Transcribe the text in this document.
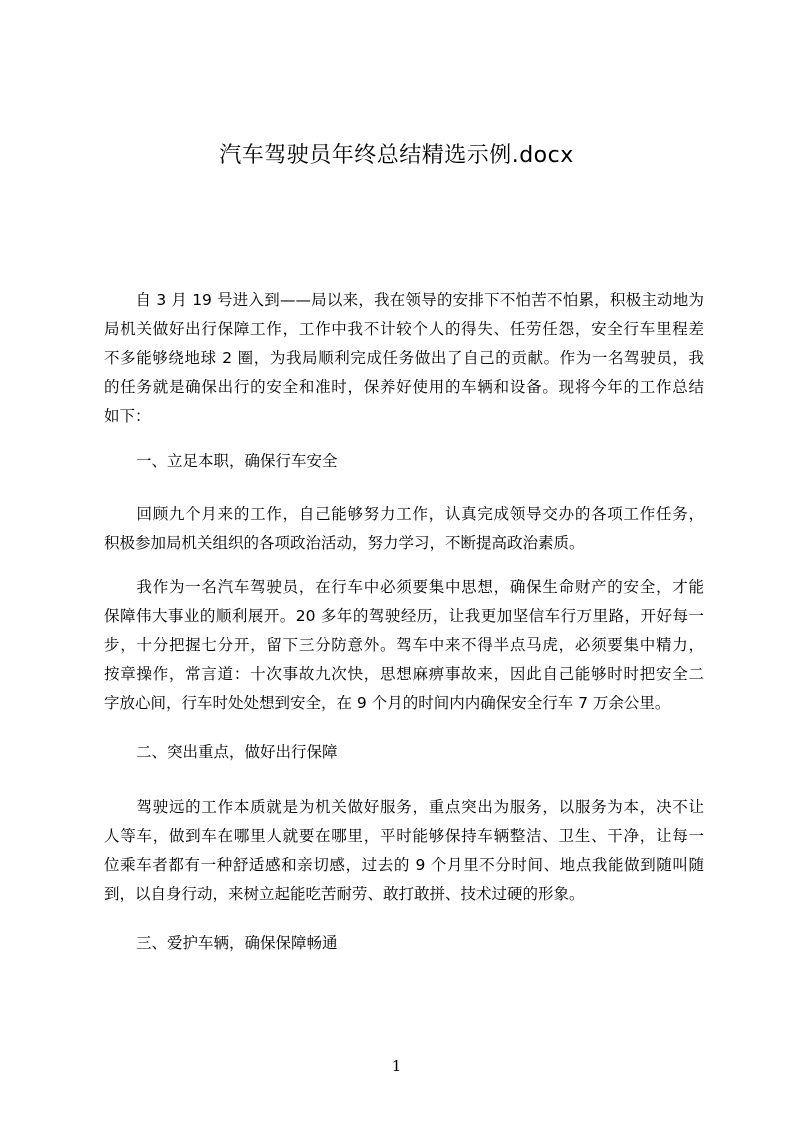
汽车驾驶员年终总结精选示例.docx
　　自 3 月 19 号进入到——局以来，我在领导的安排下不怕苦不怕累，积极主动地为
局机关做好出行保障工作，工作中我不计较个人的得失、任劳任怨，安全行车里程差
不多能够绕地球 2 圈，为我局顺利完成任务做出了自己的贡献。作为一名驾驶员，我
的任务就是确保出行的安全和准时，保养好使用的车辆和设备。现将今年的工作总结
如下：
一、立足本职，确保行车安全
　　回顾九个月来的工作，自己能够努力工作，认真完成领导交办的各项工作任务，
积极参加局机关组织的各项政治活动，努力学习，不断提高政治素质。
　　我作为一名汽车驾驶员，在行车中必须要集中思想，确保生命财产的安全，才能
保障伟大事业的顺利展开。20 多年的驾驶经历，让我更加坚信车行万里路，开好每一
步，十分把握七分开，留下三分防意外。驾车中来不得半点马虎，必须要集中精力，
按章操作，常言道：十次事故九次快，思想麻痹事故来，因此自己能够时时把安全二
字放心间，行车时处处想到安全，在 9 个月的时间内内确保安全行车 7 万余公里。
二、突出重点，做好出行保障
　　驾驶远的工作本质就是为机关做好服务，重点突出为服务，以服务为本，决不让
人等车，做到车在哪里人就要在哪里，平时能够保持车辆整洁、卫生、干净，让每一
位乘车者都有一种舒适感和亲切感，过去的 9 个月里不分时间、地点我能做到随叫随
到，以自身行动，来树立起能吃苦耐劳、敢打敢拼、技术过硬的形象。
三、爱护车辆，确保保障畅通
1
